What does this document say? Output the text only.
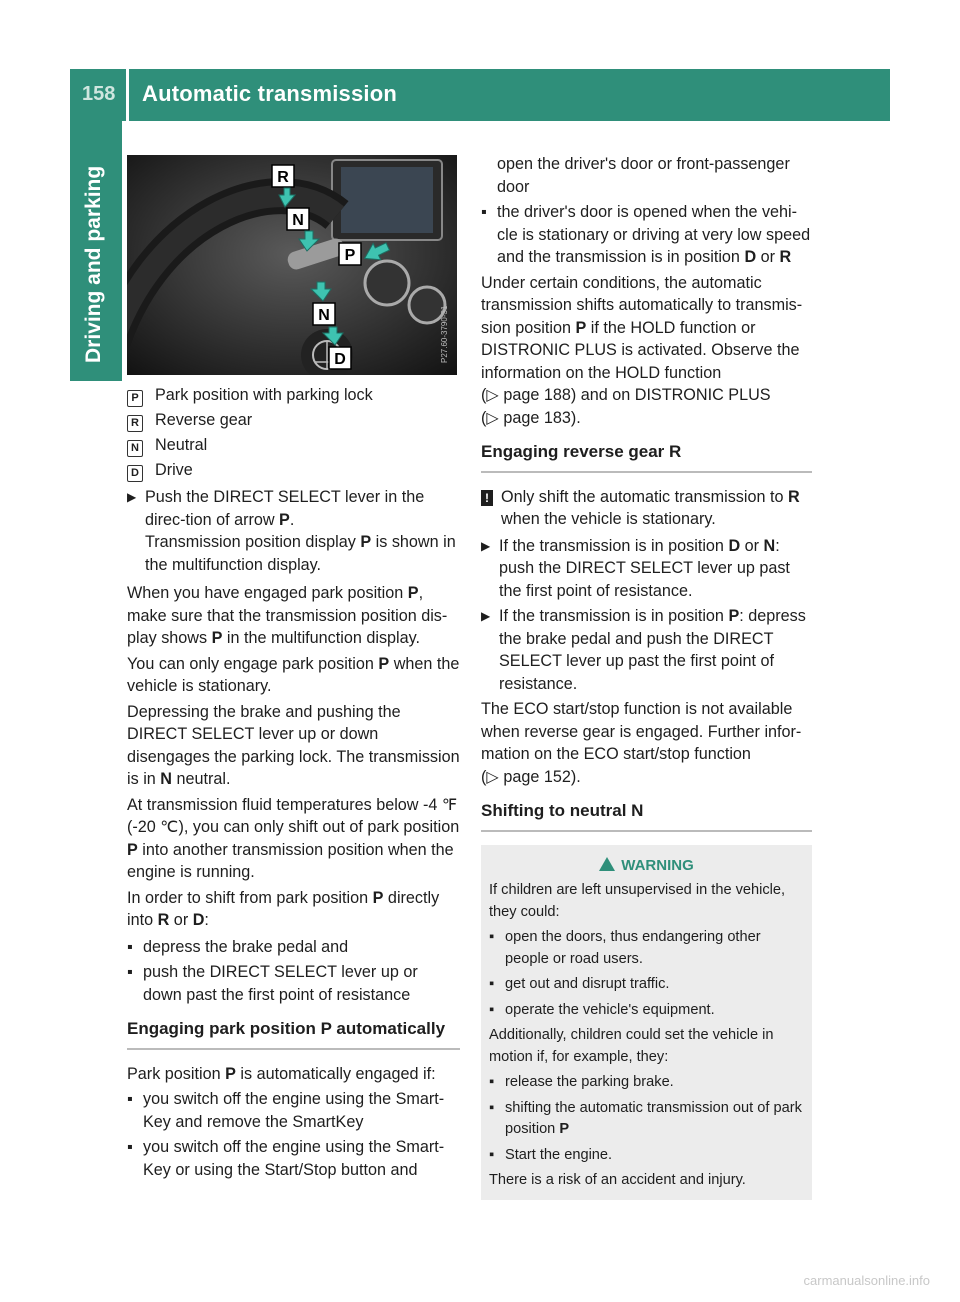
158 Automatic transmission
Driving and parking	R
N
P
N
D	P27.60-3790-31

P Park position with parking lock

R Reverse gear

N Neutral

D Drive

▶ Push the DIRECT SELECT lever in the direc-tion of arrow P.

Transmission position display P is shown in the multifunction display.

When you have engaged park position P, make sure that the transmission position dis-play shows P in the multifunction display.

You can only engage park position P when the vehicle is stationary.

Depressing the brake and pushing the DIRECT SELECT lever up or down disengages the parking lock. The transmission is in N neutral.

At transmission fluid temperatures below -4 ℉ (-20 ℃), you can only shift out of park position P into another transmission position when the engine is running.

In order to shift from park position P directly into R or D:

▪ depress the brake pedal and
▪ push the DIRECT SELECT lever up or down past the first point of resistance

Engaging park position P automatically

Park position P is automatically engaged if:

▪ you switch off the engine using the Smart-Key and remove the SmartKey
▪ you switch off the engine using the Smart-Key or using the Start/Stop button and

open the driver's door or front-passenger door

▪ the driver's door is opened when the vehi-cle is stationary or driving at very low speed and the transmission is in position D or R

Under certain conditions, the automatic transmission shifts automatically to transmis-sion position P if the HOLD function or DISTRONIC PLUS is activated. Observe the information on the HOLD function

(▷ page 188) and on DISTRONIC PLUS

(▷ page 183).

Engaging reverse gear R

! Only shift the automatic transmission to R when the vehicle is stationary.
▶ If the transmission is in position D or N: push the DIRECT SELECT lever up past the first point of resistance.
▶ If the transmission is in position P: depress the brake pedal and push the DIRECT SELECT lever up past the first point of resistance.

The ECO start/stop function is not available when reverse gear is engaged. Further infor-mation on the ECO start/stop function

(▷ page 152).

Shifting to neutral N

WARNING

If children are left unsupervised in the vehicle, they could:

▪ open the doors, thus endangering other people or road users.
▪ get out and disrupt traffic.
▪ operate the vehicle's equipment.

Additionally, children could set the vehicle in motion if, for example, they:

▪ release the parking brake.
▪ shifting the automatic transmission out of park position P
▪ Start the engine.

There is a risk of an accident and injury.

carmanualsonline.info
